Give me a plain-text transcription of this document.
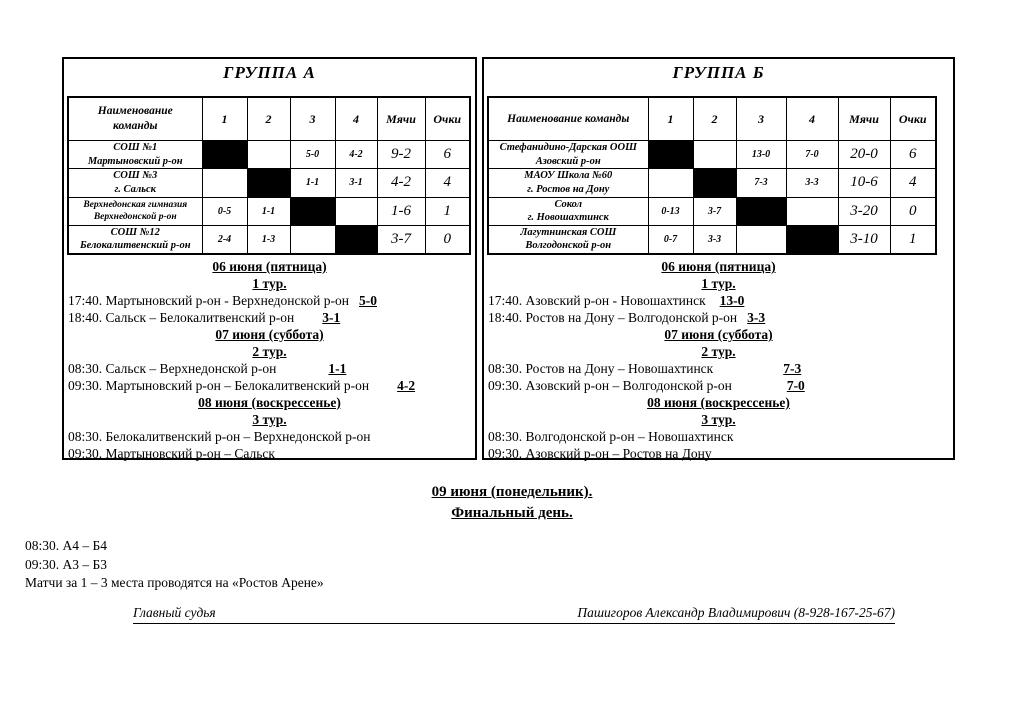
ГРУППА А
Наименование
команды	1	2	3	4	Мячи	Очки

СОШ №1
Мартыновский р-он			5-0	4-2	9-2	6

СОШ №3
г. Сальск			1-1	3-1	4-2	4

Верхнедонская гимназия
Верхнедонской р-он	0-5	1-1			1-6	1

СОШ №12
Белокалитвенский р-он	2-4	1-3			3-7	0
06 июня (пятница)
1 тур.
17:40. Мартыновский р-он - Верхнедонской р-он 5-0
18:40. Сальск – Белокалитвенский р-он 3-1
07 июня (суббота)
2 тур.
08:30. Сальск – Верхнедонской р-он	1-1
09:30. Мартыновский р-он – Белокалитвенский р-он 4-2
08 июня (воскрессенье)
3 тур.
08:30. Белокалитвенский р-он – Верхнедонской р-он
09:30. Мартыновский р-он – Сальск
ГРУППА Б
Наименование команды	1	2	3	4	Мячи	Очки

Стефанидино-Дарская ООШ
Азовский р-он			13-0	7-0	20-0	6

МАОУ Школа №60
г. Ростов на Дону			7-3	3-3	10-6	4

Сокол
г. Новошахтинск	0-13	3-7			3-20	0

Лагутнинская СОШ
Волгодонской р-он	0-7	3-3			3-10	1
06 июня (пятница)
1 тур.
17:40. Азовский р-он - Новошахтинск 13-0
18:40. Ростов на Дону – Волгодонской р-он 3-3
07 июня (суббота)
2 тур.
08:30. Ростов на Дону – Новошахтинск	7-3
09:30. Азовский р-он – Волгодонской р-он	7-0
08 июня (воскрессенье)
3 тур.
08:30. Волгодонской р-он – Новошахтинск
09:30. Азовский р-он – Ростов на Дону
09 июня (понедельник).
Финальный день.
08:30. А4 – Б4
09:30. А3 – Б3
Матчи за 1 – 3 места проводятся на «Ростов Арене»
Главный судья	Пашигоров Александр Владимирович (8-928-167-25-67)
